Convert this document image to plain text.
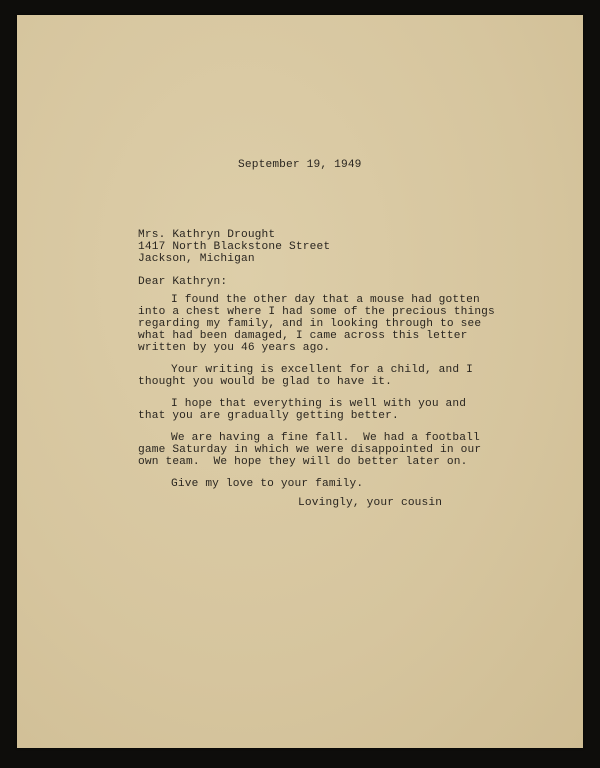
September 19, 1949
Mrs. Kathryn Drought
1417 North Blackstone Street
Jackson, Michigan
Dear Kathryn:
I found the other day that a mouse had gotten
into a chest where I had some of the precious things
regarding my family, and in looking through to see
what had been damaged, I came across this letter
written by you 46 years ago.
Your writing is excellent for a child, and I
thought you would be glad to have it.
I hope that everything is well with you and
that you are gradually getting better.
We are having a fine fall.  We had a football
game Saturday in which we were disappointed in our
own team.  We hope they will do better later on.
Give my love to your family.
Lovingly, your cousin
